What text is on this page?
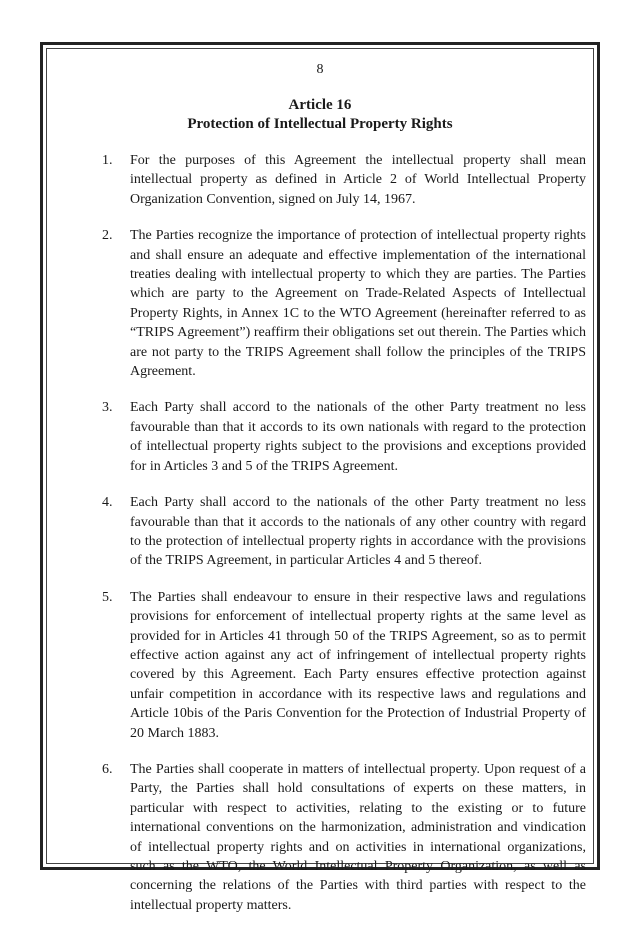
8
Article 16
Protection of Intellectual Property Rights
1. For the purposes of this Agreement the intellectual property shall mean intellectual property as defined in Article 2 of World Intellectual Property Organization Convention, signed on July 14, 1967.
2. The Parties recognize the importance of protection of intellectual property rights and shall ensure an adequate and effective implementation of the international treaties dealing with intellectual property to which they are parties. The Parties which are party to the Agreement on Trade-Related Aspects of Intellectual Property Rights, in Annex 1C to the WTO Agreement (hereinafter referred to as “TRIPS Agreement”) reaffirm their obligations set out therein. The Parties which are not party to the TRIPS Agreement shall follow the principles of the TRIPS Agreement.
3. Each Party shall accord to the nationals of the other Party treatment no less favourable than that it accords to its own nationals with regard to the protection of intellectual property rights subject to the provisions and exceptions provided for in Articles 3 and 5 of the TRIPS Agreement.
4. Each Party shall accord to the nationals of the other Party treatment no less favourable than that it accords to the nationals of any other country with regard to the protection of intellectual property rights in accordance with the provisions of the TRIPS Agreement, in particular Articles 4 and 5 thereof.
5. The Parties shall endeavour to ensure in their respective laws and regulations provisions for enforcement of intellectual property rights at the same level as provided for in Articles 41 through 50 of the TRIPS Agreement, so as to permit effective action against any act of infringement of intellectual property rights covered by this Agreement. Each Party ensures effective protection against unfair competition in accordance with its respective laws and regulations and Article 10bis of the Paris Convention for the Protection of Industrial Property of 20 March 1883.
6. The Parties shall cooperate in matters of intellectual property. Upon request of a Party, the Parties shall hold consultations of experts on these matters, in particular with respect to activities, relating to the existing or to future international conventions on the harmonization, administration and vindication of intellectual property rights and on activities in international organizations, such as the WTO, the World Intellectual Property Organization, as well as concerning the relations of the Parties with third parties with respect to the intellectual property matters.
